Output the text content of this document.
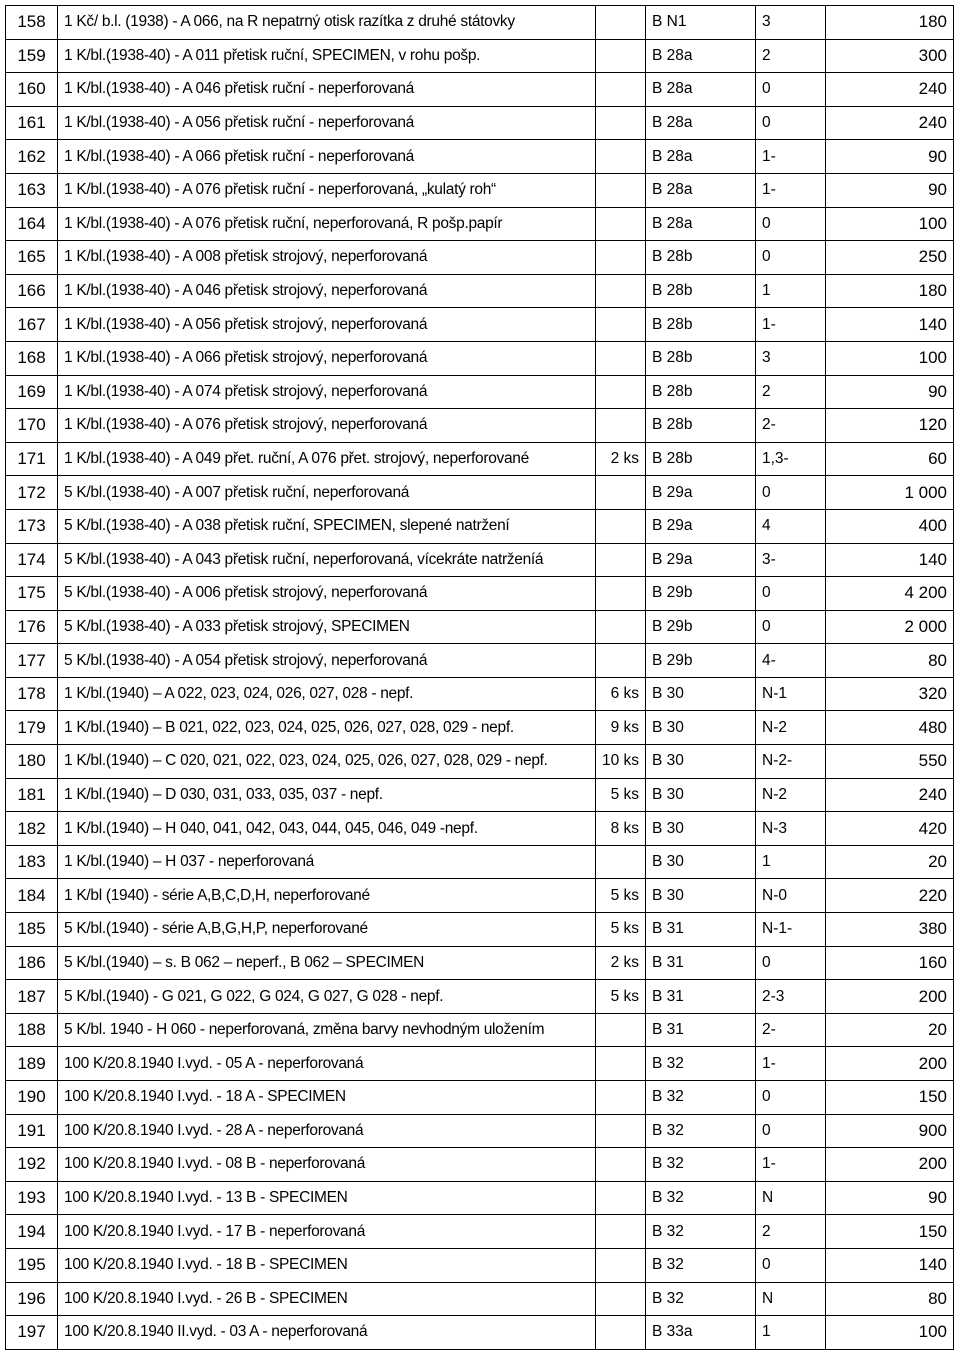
158	1 Kč/ b.l. (1938) - A 066, na R nepatrný otisk razítka z druhé státovky		B N1	3	180
159	1 K/bl.(1938-40) - A 011 přetisk ruční, SPECIMEN, v rohu pošp.		B 28a	2	300
160	1 K/bl.(1938-40) - A 046 přetisk ruční - neperforovaná		B 28a	0	240
161	1 K/bl.(1938-40) - A 056 přetisk ruční - neperforovaná		B 28a	0	240
162	1 K/bl.(1938-40) - A 066 přetisk ruční - neperforovaná		B 28a	1-	90
163	1 K/bl.(1938-40) - A 076 přetisk ruční - neperforovaná, „kulatý roh“		B 28a	1-	90
164	1 K/bl.(1938-40) - A 076 přetisk ruční, neperforovaná, R pošp.papír		B 28a	0	100
165	1 K/bl.(1938-40) - A 008 přetisk strojový, neperforovaná		B 28b	0	250
166	1 K/bl.(1938-40) - A 046 přetisk strojový, neperforovaná		B 28b	1	180
167	1 K/bl.(1938-40) - A 056 přetisk strojový, neperforovaná		B 28b	1-	140
168	1 K/bl.(1938-40) - A 066 přetisk strojový, neperforovaná		B 28b	3	100
169	1 K/bl.(1938-40) - A 074 přetisk strojový, neperforovaná		B 28b	2	90
170	1 K/bl.(1938-40) - A 076 přetisk strojový, neperforovaná		B 28b	2-	120
171	1 K/bl.(1938-40) - A 049 přet. ruční, A 076 přet. strojový, neperforované	2 ks	B 28b	1,3-	60
172	5 K/bl.(1938-40) - A 007 přetisk ruční, neperforovaná		B 29a	0	1 000
173	5 K/bl.(1938-40) - A 038 přetisk ruční, SPECIMEN, slepené natržení		B 29a	4	400
174	5 K/bl.(1938-40) - A 043 přetisk ruční, neperforovaná, vícekráte natrženíá		B 29a	3-	140
175	5 K/bl.(1938-40) - A 006 přetisk strojový, neperforovaná		B 29b	0	4 200
176	5 K/bl.(1938-40) - A 033 přetisk strojový, SPECIMEN		B 29b	0	2 000
177	5 K/bl.(1938-40) - A 054 přetisk strojový, neperforovaná		B 29b	4-	80
178	1 K/bl.(1940) – A 022, 023, 024, 026, 027, 028 - nepf.	6 ks	B 30	N-1	320
179	1 K/bl.(1940) – B 021, 022, 023, 024, 025, 026, 027, 028, 029 - nepf.	9 ks	B 30	N-2	480
180	1 K/bl.(1940) – C 020, 021, 022, 023, 024, 025, 026, 027, 028, 029 - nepf.	10 ks	B 30	N-2-	550
181	1 K/bl.(1940) – D 030, 031, 033, 035, 037 - nepf.	5 ks	B 30	N-2	240
182	1 K/bl.(1940) – H 040, 041, 042, 043, 044, 045, 046, 049 -nepf.	8 ks	B 30	N-3	420
183	1 K/bl.(1940) – H 037 - neperforovaná		B 30	1	20
184	1 K/bl (1940) - série A,B,C,D,H, neperforované	5 ks	B 30	N-0	220
185	5 K/bl.(1940) - série A,B,G,H,P, neperforované	5 ks	B 31	N-1-	380
186	5 K/bl.(1940) – s. B 062 – neperf., B 062 – SPECIMEN	2 ks	B 31	0	160
187	5 K/bl.(1940) - G 021, G 022, G 024, G 027, G 028 - nepf.	5 ks	B 31	2-3	200
188	5 K/bl. 1940 - H 060 - neperforovaná, změna barvy nevhodným uložením		B 31	2-	20
189	100 K/20.8.1940 I.vyd. - 05 A - neperforovaná		B 32	1-	200
190	100 K/20.8.1940 I.vyd. - 18 A - SPECIMEN		B 32	0	150
191	100 K/20.8.1940 I.vyd. - 28 A - neperforovaná		B 32	0	900
192	100 K/20.8.1940 I.vyd. - 08 B - neperforovaná		B 32	1-	200
193	100 K/20.8.1940 I.vyd. - 13 B - SPECIMEN		B 32	N	90
194	100 K/20.8.1940 I.vyd. - 17 B - neperforovaná		B 32	2	150
195	100 K/20.8.1940 I.vyd. - 18 B - SPECIMEN		B 32	0	140
196	100 K/20.8.1940 I.vyd. - 26 B - SPECIMEN		B 32	N	80
197	100 K/20.8.1940 II.vyd. - 03 A - neperforovaná		B 33a	1	100
